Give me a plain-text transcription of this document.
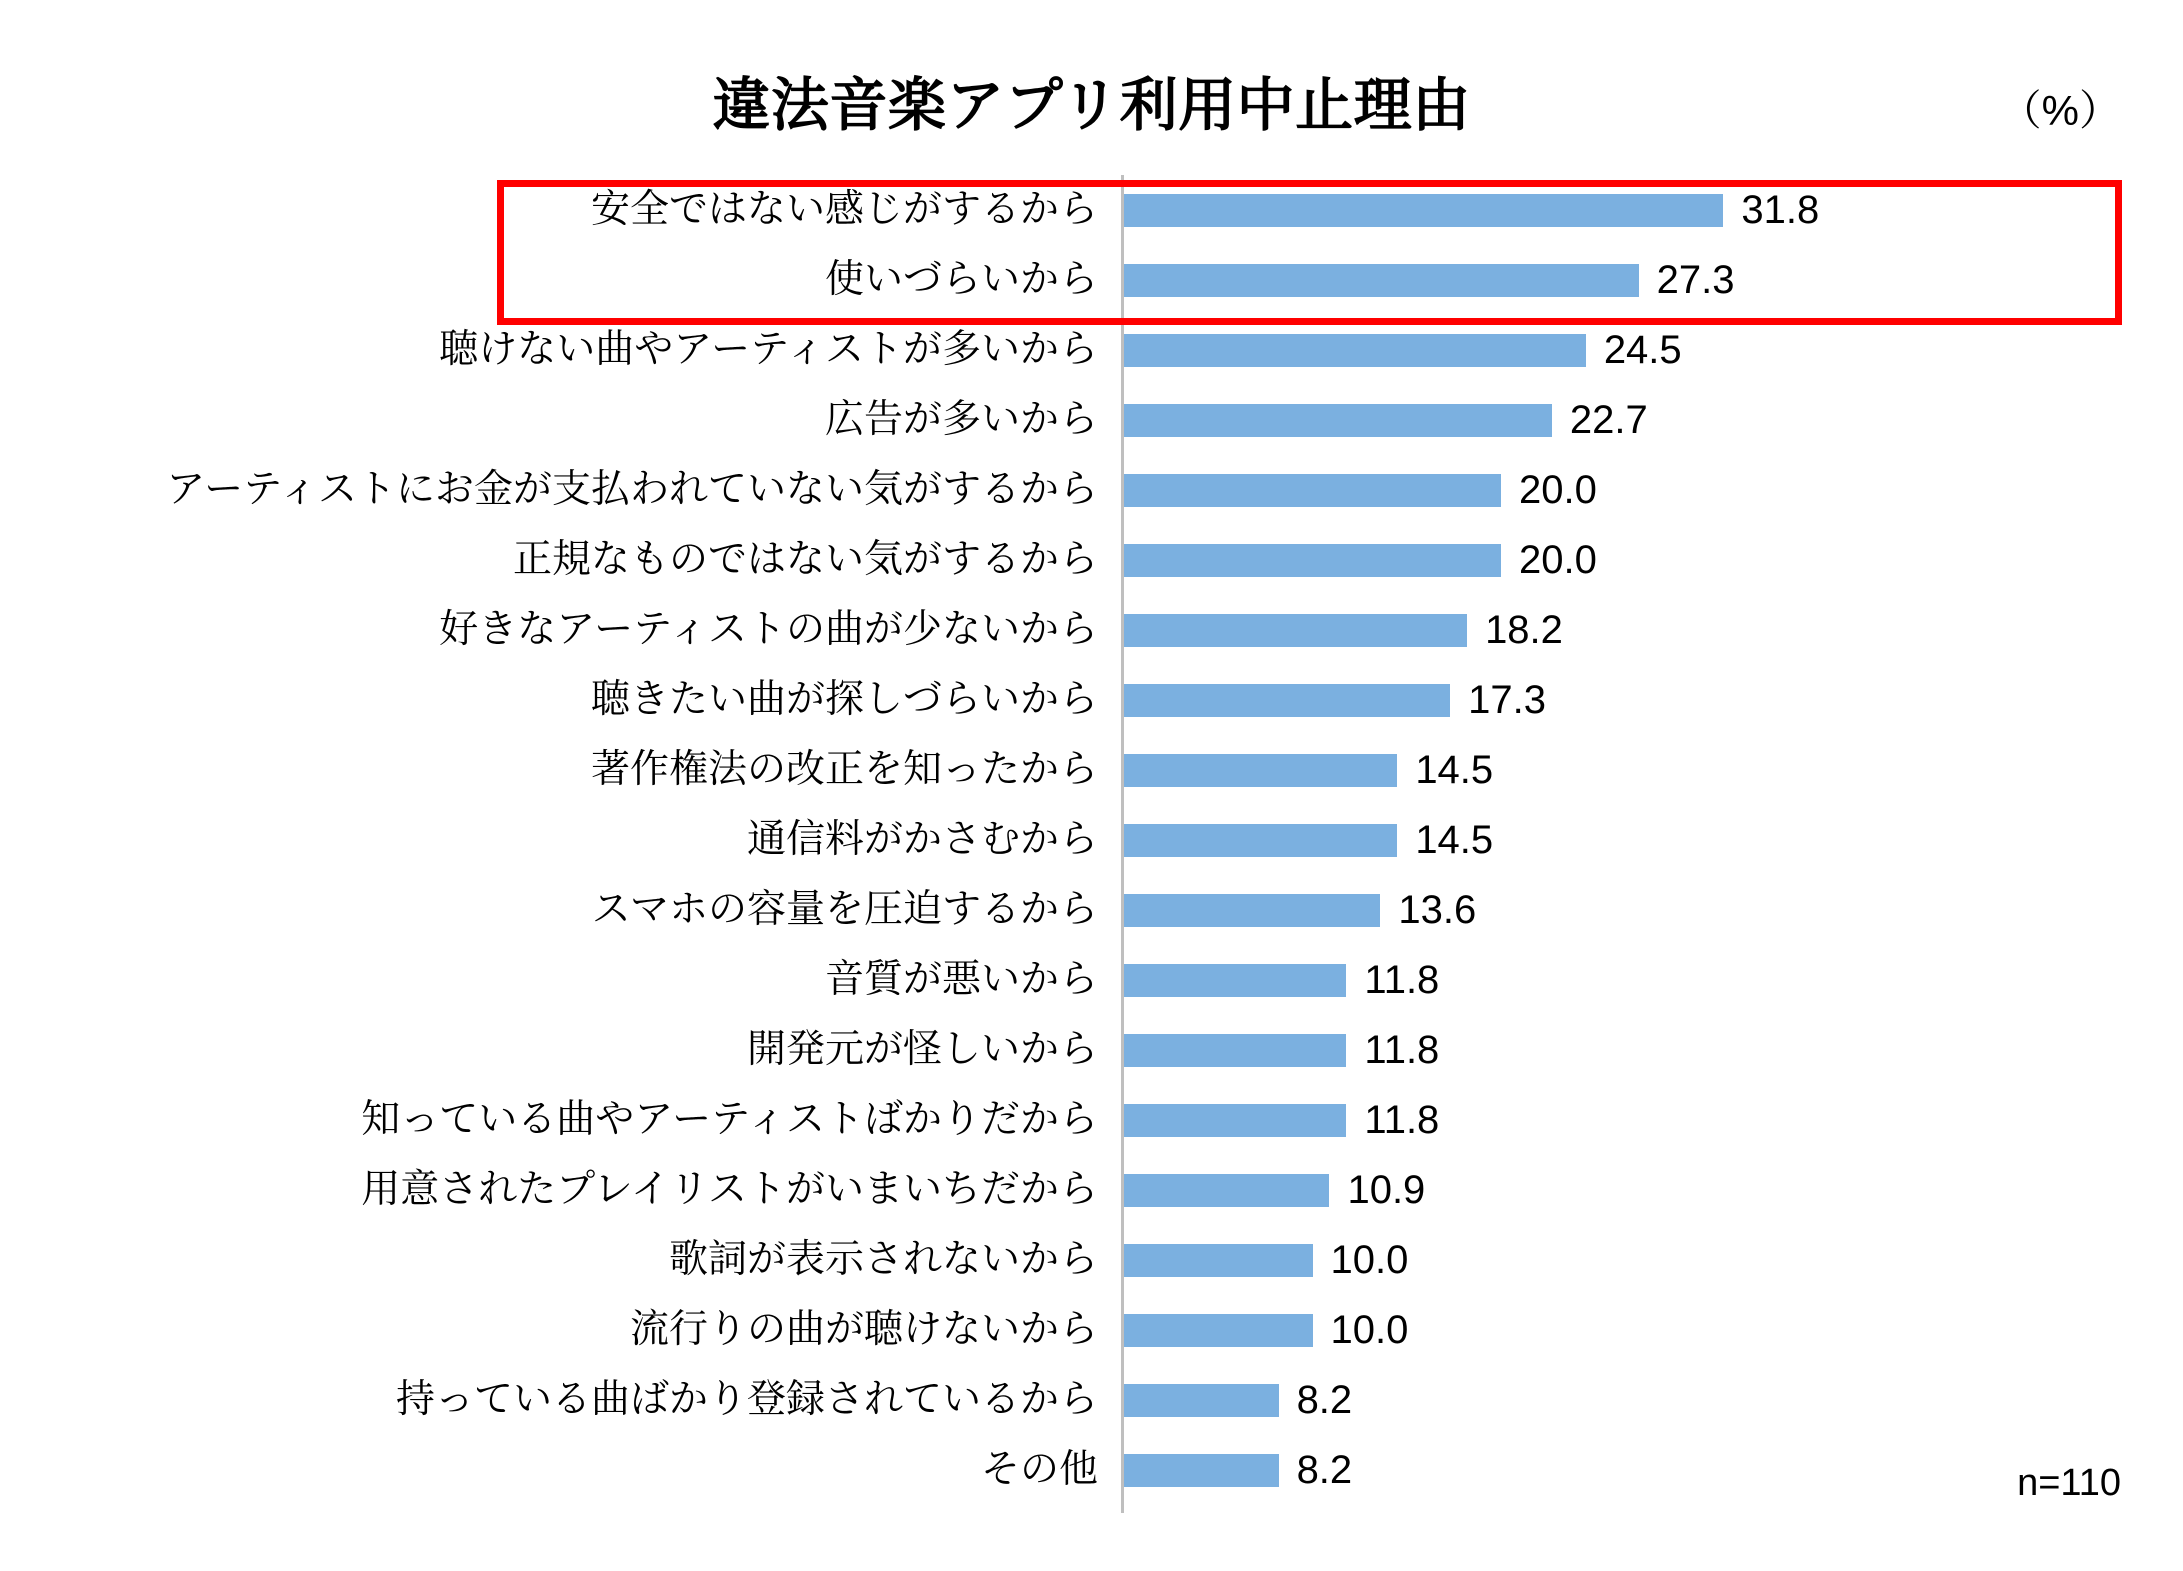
違法音楽アプリ利用中止理由	（%）
安全ではない感じがするから	31.8
使いづらいから	27.3
聴けない曲やアーティストが多いから	24.5
広告が多いから	22.7
アーティストにお金が支払われていない気がするから	20.0
正規なものではない気がするから	20.0
好きなアーティストの曲が少ないから	18.2
聴きたい曲が探しづらいから	17.3
著作権法の改正を知ったから	14.5
通信料がかさむから	14.5
スマホの容量を圧迫するから	13.6
音質が悪いから	11.8
開発元が怪しいから	11.8
知っている曲やアーティストばかりだから	11.8
用意されたプレイリストがいまいちだから	10.9
歌詞が表示されないから	10.0
流行りの曲が聴けないから	10.0
持っている曲ばかり登録されているから	8.2
その他	8.2	n=110
